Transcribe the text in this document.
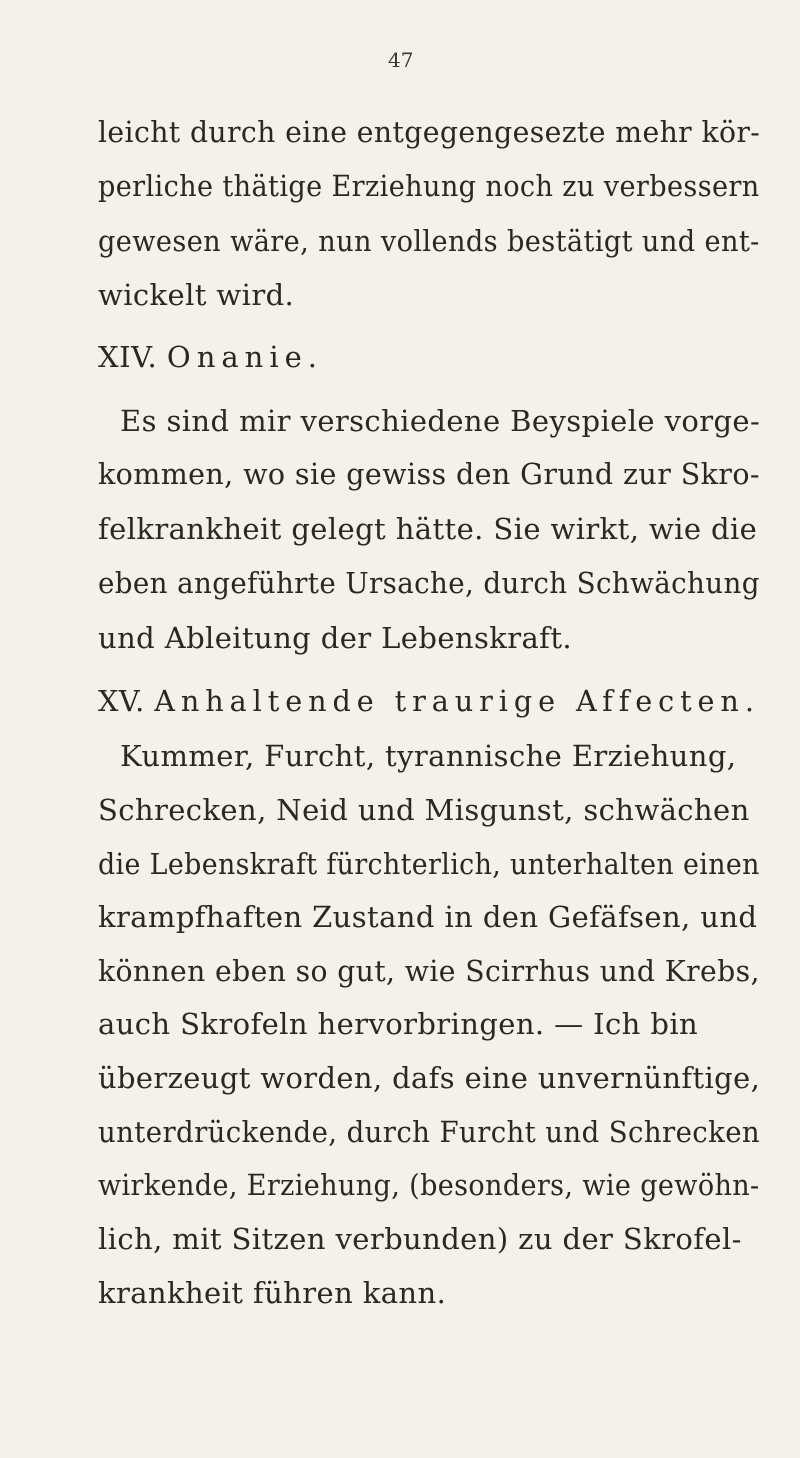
47
leicht durch eine entgegengesezte mehr kör-
perliche thätige Erziehung noch zu verbessern
gewesen wäre, nun vollends bestätigt und ent-
wickelt wird.
XIV. Onanie.
Es sind mir verschiedene Beyspiele vorge-
kommen, wo sie gewiss den Grund zur Skro-
felkrankheit gelegt hätte. Sie wirkt, wie die
eben angeführte Ursache, durch Schwächung
und Ableitung der Lebenskraft.
XV. Anhaltende traurige Affecten.
Kummer, Furcht, tyrannische Erziehung,
Schrecken, Neid und Misgunst, schwächen
die Lebenskraft fürchterlich, unterhalten einen
krampfhaften Zustand in den Gefäfsen, und
können eben so gut, wie Scirrhus und Krebs,
auch Skrofeln hervorbringen. — Ich bin
überzeugt worden, dafs eine unvernünftige,
unterdrückende, durch Furcht und Schrecken
wirkende, Erziehung, (besonders, wie gewöhn-
lich, mit Sitzen verbunden) zu der Skrofel-
krankheit führen kann.
